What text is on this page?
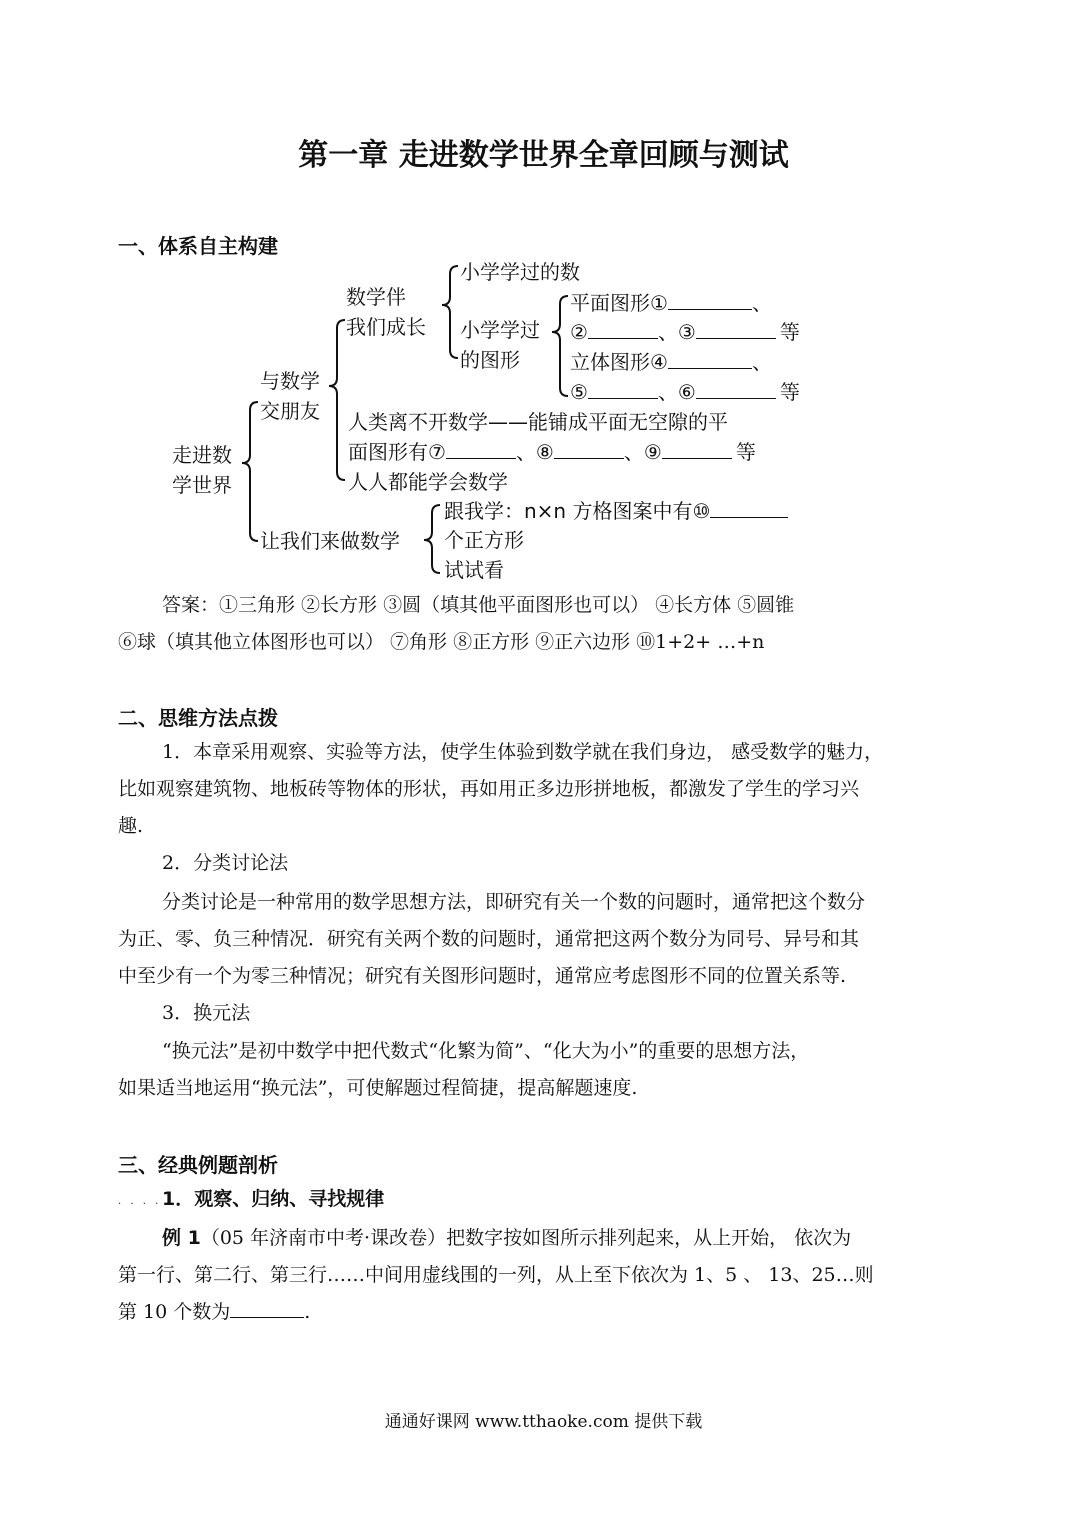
第一章 走进数学世界全章回顾与测试
一、体系自主构建
走进数
学世界
与数学
交朋友
数学伴
我们成长
小学学过的数
小学学过
的图形
平面图形①	、
②	、③	等
立体图形④	、
⑤	、⑥	等
人类离不开数学——能铺成平面无空隙的平
面图形有⑦	、⑧	、⑨	等
人人都能学会数学
让我们来做数学
跟我学：n×n 方格图案中有⑩
个正方形
试试看
答案：①三角形 ②长方形 ③圆（填其他平面图形也可以） ④长方体 ⑤圆锥
⑥球（填其他立体图形也可以） ⑦角形 ⑧正方形 ⑨正六边形 ⑩1+2+ …+n
二、思维方法点拨
1．本章采用观察、实验等方法，使学生体验到数学就在我们身边， 感受数学的魅力，
比如观察建筑物、地板砖等物体的形状，再如用正多边形拼地板，都激发了学生的学习兴
趣.
2．分类讨论法
分类讨论是一种常用的数学思想方法，即研究有关一个数的问题时，通常把这个数分
为正、零、负三种情况．研究有关两个数的问题时，通常把这两个数分为同号、异号和其
中至少有一个为零三种情况；研究有关图形问题时，通常应考虑图形不同的位置关系等.
3．换元法
“换元法”是初中数学中把代数式“化繁为简”、“化大为小”的重要的思想方法，
如果适当地运用“换元法”，可使解题过程简捷，提高解题速度.
三、经典例题剖析
. . . . 1．观察、归纳、寻找规律
例 1（05 年济南市中考·课改卷）把数字按如图所示排列起来，从上开始， 依次为
第一行、第二行、第三行……中间用虚线围的一列，从上至下依次为 1、5 、 13、25…则
第 10 个数为	.
通通好课网 www.tthaoke.com 提供下载
